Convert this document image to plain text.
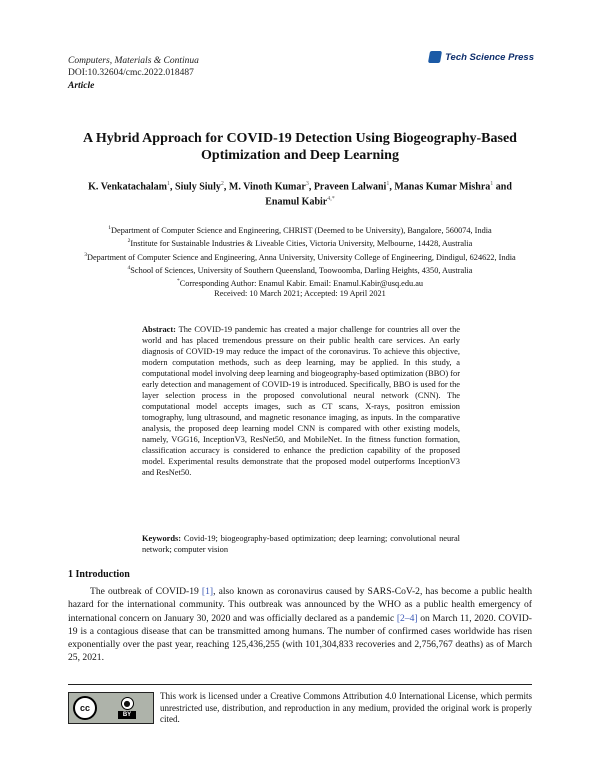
Computers, Materials & Continua
DOI:10.32604/cmc.2022.018487
Article
Tech Science Press
A Hybrid Approach for COVID-19 Detection Using Biogeography-Based
Optimization and Deep Learning
K. Venkatachalam$^1$, Siuly Siuly$^2$, M. Vinoth Kumar$^3$, Praveen Lalwani$^1$, Manas Kumar Mishra$^1$ and Enamul Kabir$^{4,*}$
$^1$Department of Computer Science and Engineering, CHRIST (Deemed to be University), Bangalore, 560074, India
$^2$Institute for Sustainable Industries & Liveable Cities, Victoria University, Melbourne, 14428, Australia
$^3$Department of Computer Science and Engineering, Anna University, University College of Engineering, Dindigul, 624622, India
$^4$School of Sciences, University of Southern Queensland, Toowoomba, Darling Heights, 4350, Australia
*Corresponding Author: Enamul Kabir. Email: Enamul.Kabir@usq.edu.au
Received: 10 March 2021; Accepted: 19 April 2021
Abstract: The COVID-19 pandemic has created a major challenge for countries all over the world and has placed tremendous pressure on their public health care services. An early diagnosis of COVID-19 may reduce the impact of the coronavirus. To achieve this objective, modern computation methods, such as deep learning, may be applied. In this study, a computational model involving deep learning and biogeography-based optimization (BBO) for early detection and management of COVID-19 is introduced. Specifically, BBO is used for the layer selection process in the proposed convolutional neural network (CNN). The computational model accepts images, such as CT scans, X-rays, positron emission tomography, lung ultrasound, and magnetic resonance imaging, as inputs. In the comparative analysis, the proposed deep learning model CNN is compared with other existing models, namely, VGG16, InceptionV3, ResNet50, and MobileNet. In the fitness function formation, classification accuracy is considered to enhance the prediction capability of the proposed model. Experimental results demonstrate that the proposed model outperforms InceptionV3 and ResNet50.
Keywords: Covid-19; biogeography-based optimization; deep learning; convolutional neural network; computer vision
1 Introduction
The outbreak of COVID-19 [1], also known as coronavirus caused by SARS-CoV-2, has become a public health hazard for the international community. This outbreak was announced by the WHO as a public health emergency of international concern on January 30, 2020 and was officially declared as a pandemic [2–4] on March 11, 2020. COVID-19 is a contagious disease that can be transmitted among humans. The number of confirmed cases worldwide has risen exponentially over the past year, reaching 125,436,255 (with 101,304,833 recoveries and 2,756,767 deaths) as of March 25, 2021.
cc	●
BY
This work is licensed under a Creative Commons Attribution 4.0 International License, which permits unrestricted use, distribution, and reproduction in any medium, provided the original work is properly cited.
